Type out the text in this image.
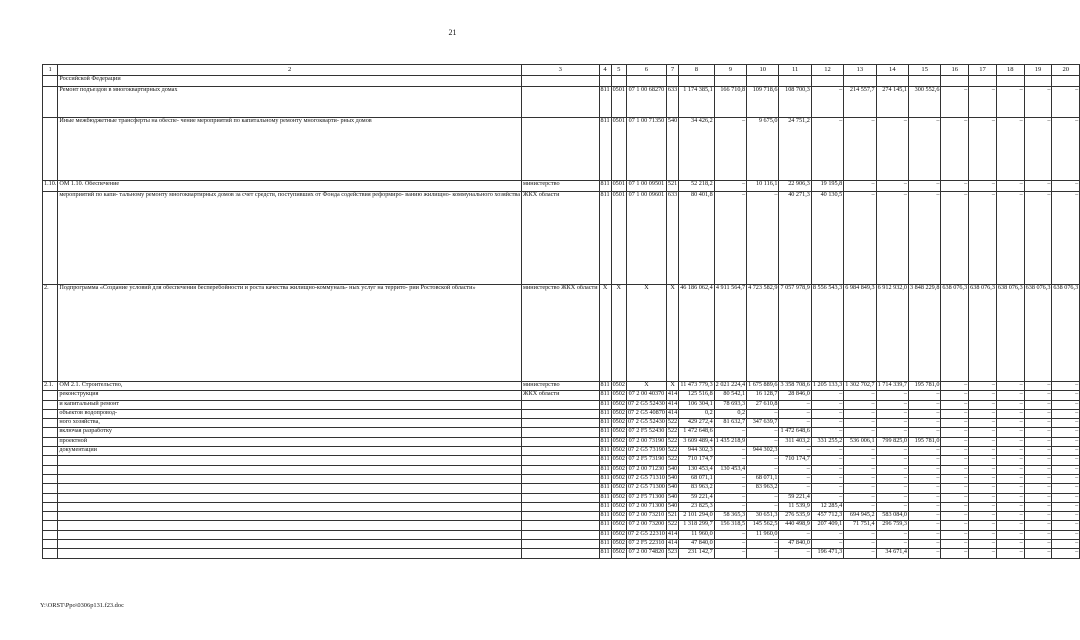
21
1	2	3	4	5	6	7	8	9	10	11	12	13	14	15	16	17	18	19	20
	Российской Федерации																		
	Ремонт подъездов в многоквартирных домах		811	0501	07 1 00 68270	633	1 174 385,1	166 710,8	109 718,6	108 700,3	–	214 557,7	274 145,1	300 552,6	–	–	–	–	–
	Иные межбюджетные трансферты на обеспе- чение мероприятий по капитальному ремонту многокварти- рных домов		811	0501	07 1 00 71350	540	34 426,2	–	9 675,0	24 751,2	–	–	–	–	–	–	–	–	–
1.10.	ОМ 1.10. Обеспечение	министерство	811	0501	07 1 00 09501	521	52 218,2	–	10 116,1	22 906,3	19 195,8	–	–	–	–	–	–	–	–
	мероприятий по капи- тальному ремонту многоквартирных домов за счет средств, поступивших от Фонда содействия реформиро- ванию жилищно- коммунального хозяйства	ЖКХ области	811	0501	07 1 00 09601	633	80 401,8	–	–	40 271,3	40 130,5	–	–	–	–	–	–	–	–
2.	Подпрограмма «Создание условий для обеспечения бесперебойности и роста качества жилищно-коммуналь- ных услуг на террито- рии Ростовской области»	министерство ЖКХ области	Х	Х	Х	Х	46 186 062,4	4 911 564,7	4 723 582,9	7 057 978,9	8 556 543,3	6 984 849,3	6 912 932,0	3 848 229,8	638 076,3	638 076,3	638 076,3	638 076,3	638 076,3
2.1.	ОМ 2.1. Строительство,	министерство	811	0502	Х	Х	11 473 779,3	2 021 224,4	1 675 889,6	3 358 708,6	1 205 133,3	1 302 702,7	1 714 339,7	195 781,0	–	–	–	–	–
	реконструкция	ЖКХ области	811	0502	07 2 00 40370	414	125 516,8	80 542,1	16 128,7	28 846,0	–	–	–	–	–	–	–	–	–
	и капитальный ремонт		811	0502	07 2 G5 52430	414	106 304,1	78 693,3	27 610,8	–	–	–	–	–	–	–	–	–	–
	объектов водопровод-		811	0502	07 2 G5 40870	414	0,2	0,2	–	–	–	–	–	–	–	–	–	–	–
	ного хозяйства,		811	0502	07 2 G5 52430	522	429 272,4	81 632,7	347 639,7	–	–	–	–	–	–	–	–	–	–
	включая разработку		811	0502	07 2 F5 52430	522	1 472 648,6	–	–	1 472 648,6	–	–	–	–	–	–	–	–	–
	проектной		811	0502	07 2 00 73190	522	3 609 489,4	1 435 218,9	–	311 403,2	331 255,2	536 006,1	799 825,0	195 781,0	–	–	–	–	–
	документации		811	0502	07 2 G5 73190	522	944 302,3	–	944 302,3	–	–	–	–	–	–	–	–	–	–
			811	0502	07 2 F5 73190	522	710 174,7	–	–	710 174,7	–	–	–	–	–	–	–	–	–
			811	0502	07 2 00 71230	540	130 453,4	130 453,4	–	–	–	–	–	–	–	–	–	–	–
			811	0502	07 2 G5 71310	540	68 071,1	–	68 071,1	–	–	–	–	–	–	–	–	–	–
			811	0502	07 2 G5 71300	540	83 963,2	–	83 963,2	–	–	–	–	–	–	–	–	–	–
			811	0502	07 2 F5 71300	540	59 221,4	–	–	59 221,4	–	–	–	–	–	–	–	–	–
			811	0502	07 2 00 71300	540	23 825,3	–	–	11 539,9	12 285,4	–	–	–	–	–	–	–	–
			811	0502	07 2 00 73210	521	2 101 294,0	58 365,3	30 651,3	276 535,9	457 712,3	694 945,2	583 084,0	–	–	–	–	–	–
			811	0502	07 2 00 73200	522	1 318 299,7	156 318,5	145 562,5	440 498,9	207 409,1	71 751,4	296 759,3	–	–	–	–	–	–
			811	0502	07 2 G5 22310	414	11 960,0	–	11 960,0	–	–	–	–	–	–	–	–	–	–
			811	0502	07 2 F5 22310	414	47 840,0	–	–	47 840,0	–	–	–	–	–	–	–	–	–
			811	0502	07 2 00 74820	523	231 142,7	–	–	–	196 471,3	–	34 671,4	–	–	–	–	–	–
Y:\ORST\Ppo\0306p131.f23.doc
